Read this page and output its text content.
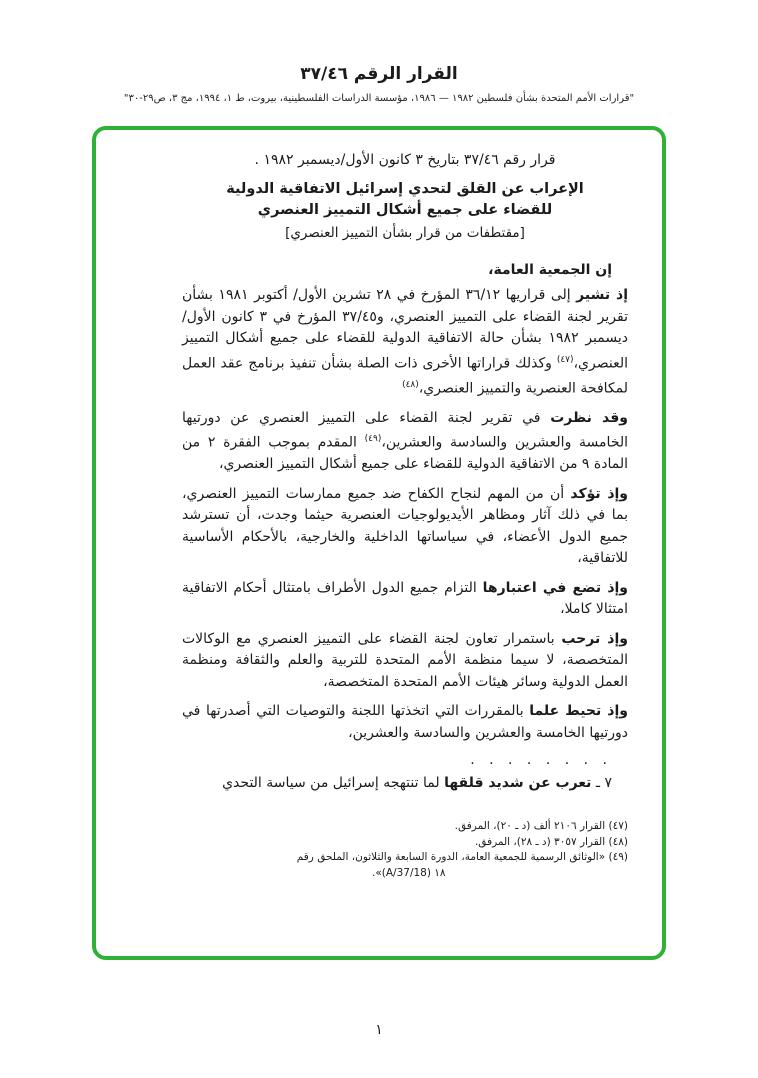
القرار الرقم ٣٧/٤٦
"قرارات الأمم المتحدة بشأن فلسطين ١٩٨٢ — ١٩٨٦، مؤسسة الدراسات الفلسطينية، بيروت، ط ١، ١٩٩٤، مج ٣، ص٢٩-٣٠"
قرار رقم ٣٧/٤٦ بتاريخ ٣ كانون الأول/ديسمبر ١٩٨٢ .
الإعراب عن القلق لتحدي إسرائيل الاتفاقية الدولية
للقضاء على جميع أشكال التمييز العنصري
[مقتطفات من قرار بشأن التمييز العنصري]

إن الجمعية العامة،

إذ تشير إلى قراريها ٣٦/١٢ المؤرخ في ٢٨ تشرين الأول/ أكتوبر ١٩٨١ بشأن تقرير لجنة القضاء على التمييز العنصري، و٣٧/٤٥ المؤرخ في ٣ كانون الأول/ديسمبر ١٩٨٢ بشأن حالة الاتفاقية الدولية للقضاء على جميع أشكال التمييز العنصري،$^{(٤٧)}$ وكذلك قراراتها الأخرى ذات الصلة بشأن تنفيذ برنامج عقد العمل لمكافحة العنصرية والتمييز العنصري،$^{(٤٨)}$

وقد نظرت في تقرير لجنة القضاء على التمييز العنصري عن دورتيها الخامسة والعشرين والسادسة والعشرين،$^{(٤٩)}$ المقدم بموجب الفقرة ٢ من المادة ٩ من الاتفاقية الدولية للقضاء على جميع أشكال التمييز العنصري،

وإذ تؤكد أن من المهم لنجاح الكفاح ضد جميع ممارسات التمييز العنصري، بما في ذلك آثار ومظاهر الأيديولوجيات العنصرية حيثما وجدت، أن تسترشد جميع الدول الأعضاء، في سياساتها الداخلية والخارجية، بالأحكام الأساسية للاتفاقية،

وإذ تضع في اعتبارها التزام جميع الدول الأطراف بامتثال أحكام الاتفاقية امتثالا كاملا،

وإذ ترحب باستمرار تعاون لجنة القضاء على التمييز العنصري مع الوكالات المتخصصة، لا سيما منظمة الأمم المتحدة للتربية والعلم والثقافة ومنظمة العمل الدولية وسائر هيئات الأمم المتحدة المتخصصة،

وإذ تحيط علما بالمقررات التي اتخذتها اللجنة والتوصيات التي أصدرتها في دورتيها الخامسة والعشرين والسادسة والعشرين،

. . . . . . . .

٧ ـ تعرب عن شديد قلقها لما تنتهجه إسرائيل من سياسة التحدي

(٤٧) القرار ٢١٠٦ ألف (د ـ ٢٠)، المرفق.
(٤٨) القرار ٣٠٥٧ (د ـ ٢٨)، المرفق.
(٤٩) «الوثائق الرسمية للجمعية العامة، الدورة السابعة والثلاثون، الملحق رقم
١٨ (A/37/18)».
١
